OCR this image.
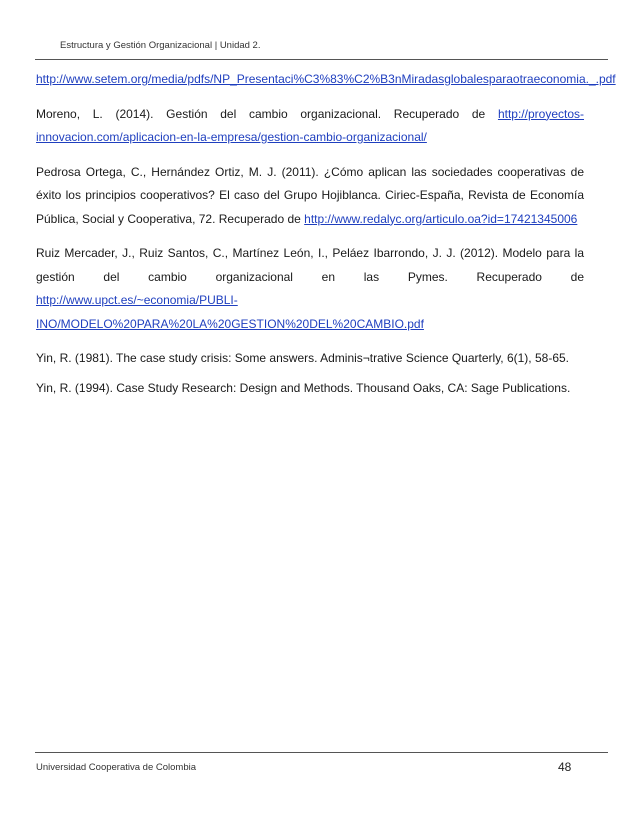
Estructura y Gestión Organizacional | Unidad 2.

http://www.setem.org/media/pdfs/NP_Presentaci%C3%83%C2%B3nMiradasglobalesparaotraeconomia._.pdf

Moreno, L. (2014). Gestión del cambio organizacional. Recuperado de http://proyectos-innovacion.com/aplicacion-en-la-empresa/gestion-cambio-organizacional/

Pedrosa Ortega, C., Hernández Ortiz, M. J. (2011). ¿Cómo aplican las sociedades cooperativas de éxito los principios cooperativos? El caso del Grupo Hojiblanca. Ciriec-España, Revista de Economía Pública, Social y Cooperativa, 72. Recuperado de http://www.redalyc.org/articulo.oa?id=17421345006

Ruiz Mercader, J., Ruiz Santos, C., Martínez León, I., Peláez Ibarrondo, J. J. (2012). Modelo para la gestión del cambio organizacional en las Pymes. Recuperado de http://www.upct.es/~economia/PUBLI-INO/MODELO%20PARA%20LA%20GESTION%20DEL%20CAMBIO.pdf

Yin, R. (1981). The case study crisis: Some answers. Adminis¬trative Science Quarterly, 6(1), 58-65.

Yin, R. (1994). Case Study Research: Design and Methods. Thousand Oaks, CA: Sage Publications.

Universidad Cooperativa de Colombia	48
